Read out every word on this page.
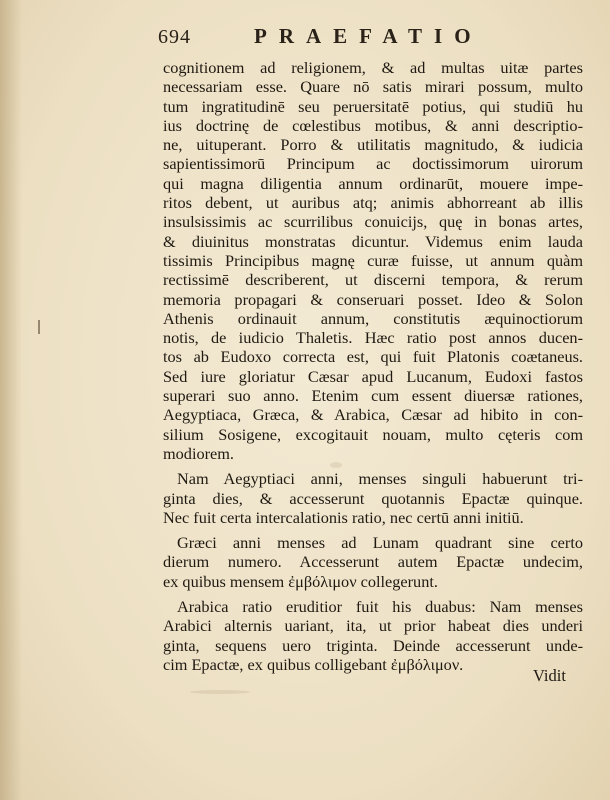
694	PRAEFATIO
cognitionem ad religionem, & ad multas uitæ partes
necessariam esse. Quare nō satis mirari possum, multo
tum ingratitudinē seu peruersitatē potius, qui studiū hu
ius doctrinę de cœlestibus motibus, & anni descriptio-
ne, uituperant. Porro & utilitatis magnitudo, & iudicia
sapientissimorū Principum ac doctissimorum uirorum
qui magna diligentia annum ordinarūt, mouere impe-
ritos debent, ut auribus atq; animis abhorreant ab illis
insulsissimis ac scurrilibus conuicijs, quę in bonas artes,
& diuinitus monstratas dicuntur. Videmus enim lauda
tissimis Principibus magnę curæ fuisse, ut annum quàm
rectissimē describerent, ut discerni tempora, & rerum
memoria propagari & conseruari posset. Ideo & Solon
Athenis ordinauit annum, constitutis æquinoctiorum
notis, de iudicio Thaletis. Hæc ratio post annos ducen-
tos ab Eudoxo correcta est, qui fuit Platonis coætaneus.
Sed iure gloriatur Cæsar apud Lucanum, Eudoxi fastos
superari suo anno. Etenim cum essent diuersæ rationes,
Aegyptiaca, Græca, & Arabica, Cæsar ad hibito in con-
silium Sosigene, excogitauit nouam, multo cęteris com
modiorem.
Nam Aegyptiaci anni, menses singuli habuerunt tri-
ginta dies, & accesserunt quotannis Epactæ quinque.
Nec fuit certa intercalationis ratio, nec certū anni initiū.
Græci anni menses ad Lunam quadrant sine certo
dierum numero. Accesserunt autem Epactæ undecim,
ex quibus mensem ἐμβόλιμον collegerunt.
Arabica ratio eruditior fuit his duabus: Nam menses
Arabici alternis uariant, ita, ut prior habeat dies underi
ginta, sequens uero triginta. Deinde accesserunt unde-
cim Epactæ, ex quibus colligebant ἐμβόλιμον.
Vidit
